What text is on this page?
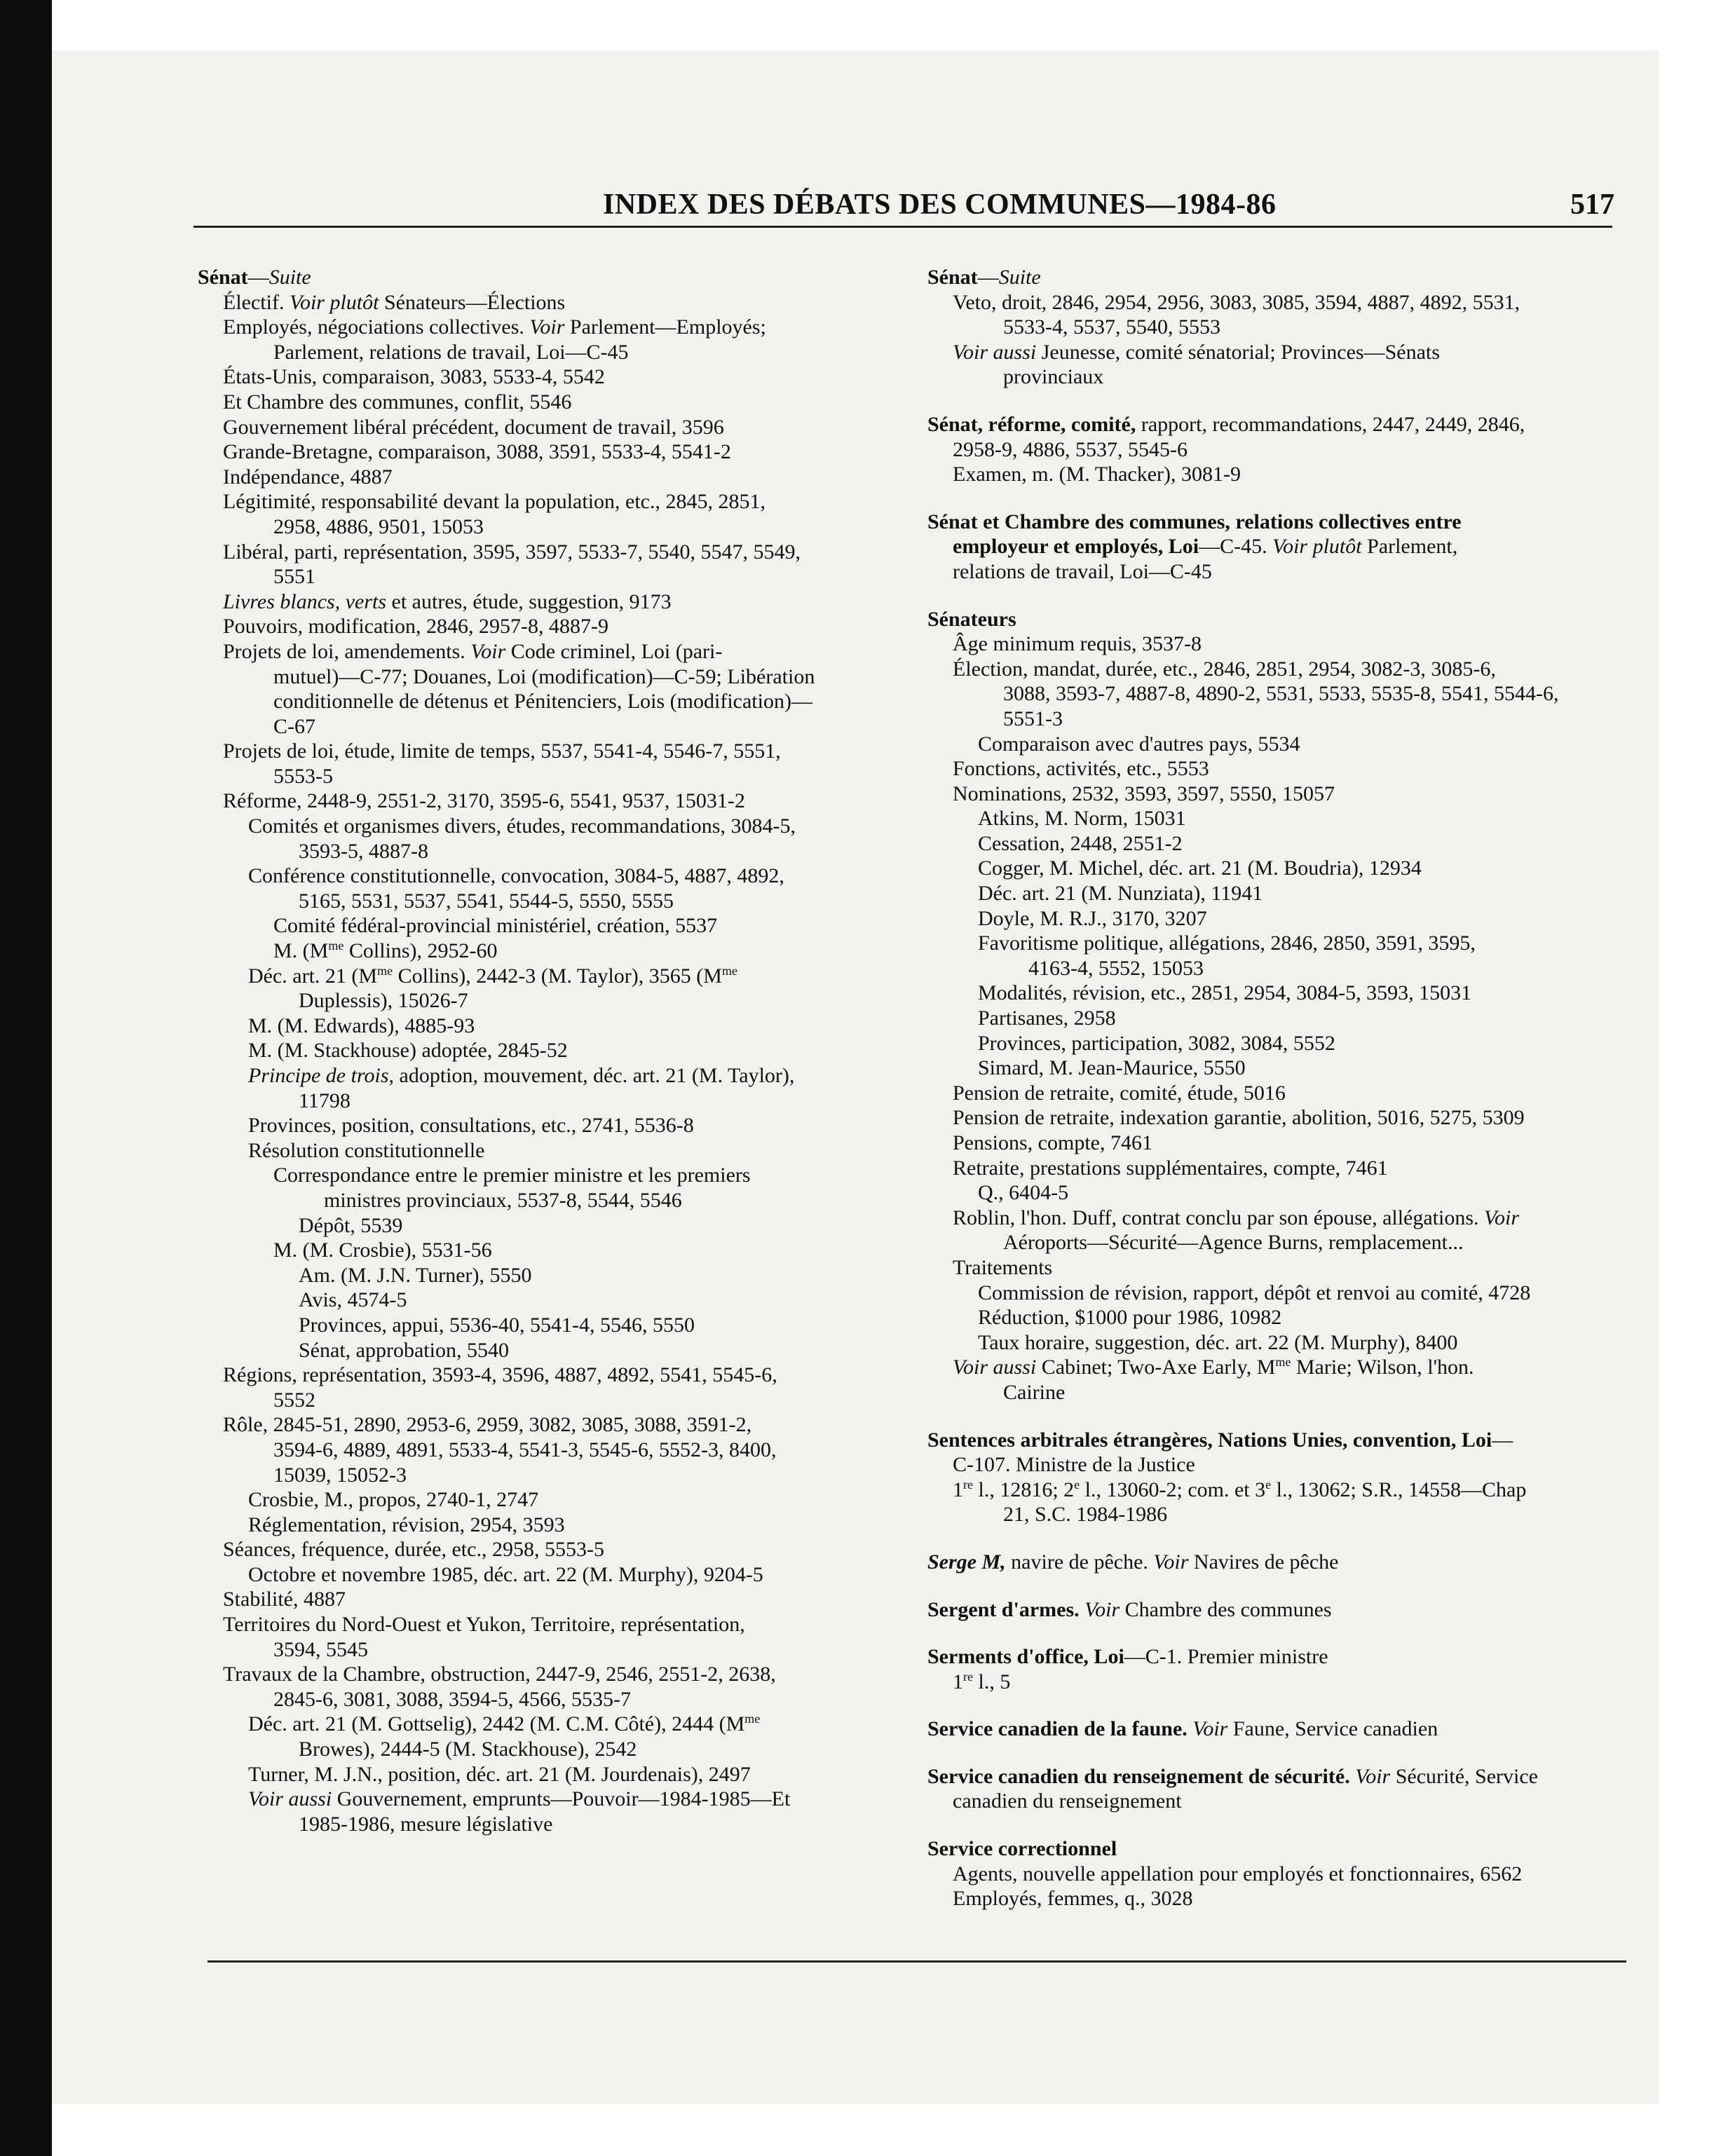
INDEX DES DÉBATS DES COMMUNES—1984-86	517
Sénat—Suite
Électif. Voir plutôt Sénateurs—Élections
Employés, négociations collectives. Voir Parlement—Employés;
Parlement, relations de travail, Loi—C-45
États-Unis, comparaison, 3083, 5533-4, 5542
Et Chambre des communes, conflit, 5546
Gouvernement libéral précédent, document de travail, 3596
Grande-Bretagne, comparaison, 3088, 3591, 5533-4, 5541-2
Indépendance, 4887
Légitimité, responsabilité devant la population, etc., 2845, 2851,
2958, 4886, 9501, 15053
Libéral, parti, représentation, 3595, 3597, 5533-7, 5540, 5547, 5549,
5551
Livres blancs, verts et autres, étude, suggestion, 9173
Pouvoirs, modification, 2846, 2957-8, 4887-9
Projets de loi, amendements. Voir Code criminel, Loi (pari-
mutuel)—C-77; Douanes, Loi (modification)—C-59; Libération
conditionnelle de détenus et Pénitenciers, Lois (modification)—
C-67
Projets de loi, étude, limite de temps, 5537, 5541-4, 5546-7, 5551,
5553-5
Réforme, 2448-9, 2551-2, 3170, 3595-6, 5541, 9537, 15031-2
Comités et organismes divers, études, recommandations, 3084-5,
3593-5, 4887-8
Conférence constitutionnelle, convocation, 3084-5, 4887, 4892,
5165, 5531, 5537, 5541, 5544-5, 5550, 5555
Comité fédéral-provincial ministériel, création, 5537
M. ($M^{me}$ Collins), 2952-60
Déc. art. 21 ($M^{me}$ Collins), 2442-3 (M. Taylor), 3565 ($M^{me}$
Duplessis), 15026-7
M. (M. Edwards), 4885-93
M. (M. Stackhouse) adoptée, 2845-52
Principe de trois, adoption, mouvement, déc. art. 21 (M. Taylor),
11798
Provinces, position, consultations, etc., 2741, 5536-8
Résolution constitutionnelle
Correspondance entre le premier ministre et les premiers
ministres provinciaux, 5537-8, 5544, 5546
Dépôt, 5539
M. (M. Crosbie), 5531-56
Am. (M. J.N. Turner), 5550
Avis, 4574-5
Provinces, appui, 5536-40, 5541-4, 5546, 5550
Sénat, approbation, 5540
Régions, représentation, 3593-4, 3596, 4887, 4892, 5541, 5545-6,
5552
Rôle, 2845-51, 2890, 2953-6, 2959, 3082, 3085, 3088, 3591-2,
3594-6, 4889, 4891, 5533-4, 5541-3, 5545-6, 5552-3, 8400,
15039, 15052-3
Crosbie, M., propos, 2740-1, 2747
Réglementation, révision, 2954, 3593
Séances, fréquence, durée, etc., 2958, 5553-5
Octobre et novembre 1985, déc. art. 22 (M. Murphy), 9204-5
Stabilité, 4887
Territoires du Nord-Ouest et Yukon, Territoire, représentation,
3594, 5545
Travaux de la Chambre, obstruction, 2447-9, 2546, 2551-2, 2638,
2845-6, 3081, 3088, 3594-5, 4566, 5535-7
Déc. art. 21 (M. Gottselig), 2442 (M. C.M. Côté), 2444 ($M^{me}$
Browes), 2444-5 (M. Stackhouse), 2542
Turner, M. J.N., position, déc. art. 21 (M. Jourdenais), 2497
Voir aussi Gouvernement, emprunts—Pouvoir—1984-1985—Et
1985-1986, mesure législative
Sénat—Suite
Veto, droit, 2846, 2954, 2956, 3083, 3085, 3594, 4887, 4892, 5531,
5533-4, 5537, 5540, 5553
Voir aussi Jeunesse, comité sénatorial; Provinces—Sénats
provinciaux
Sénat, réforme, comité, rapport, recommandations, 2447, 2449, 2846,
2958-9, 4886, 5537, 5545-6
Examen, m. (M. Thacker), 3081-9
Sénat et Chambre des communes, relations collectives entre
employeur et employés, Loi—C-45. Voir plutôt Parlement,
relations de travail, Loi—C-45
Sénateurs
Âge minimum requis, 3537-8
Élection, mandat, durée, etc., 2846, 2851, 2954, 3082-3, 3085-6,
3088, 3593-7, 4887-8, 4890-2, 5531, 5533, 5535-8, 5541, 5544-6,
5551-3
Comparaison avec d'autres pays, 5534
Fonctions, activités, etc., 5553
Nominations, 2532, 3593, 3597, 5550, 15057
Atkins, M. Norm, 15031
Cessation, 2448, 2551-2
Cogger, M. Michel, déc. art. 21 (M. Boudria), 12934
Déc. art. 21 (M. Nunziata), 11941
Doyle, M. R.J., 3170, 3207
Favoritisme politique, allégations, 2846, 2850, 3591, 3595,
4163-4, 5552, 15053
Modalités, révision, etc., 2851, 2954, 3084-5, 3593, 15031
Partisanes, 2958
Provinces, participation, 3082, 3084, 5552
Simard, M. Jean-Maurice, 5550
Pension de retraite, comité, étude, 5016
Pension de retraite, indexation garantie, abolition, 5016, 5275, 5309
Pensions, compte, 7461
Retraite, prestations supplémentaires, compte, 7461
Q., 6404-5
Roblin, l'hon. Duff, contrat conclu par son épouse, allégations. Voir
Aéroports—Sécurité—Agence Burns, remplacement...
Traitements
Commission de révision, rapport, dépôt et renvoi au comité, 4728
Réduction, $1000 pour 1986, 10982
Taux horaire, suggestion, déc. art. 22 (M. Murphy), 8400
Voir aussi Cabinet; Two-Axe Early, $M^{me}$ Marie; Wilson, l'hon.
Cairine
Sentences arbitrales étrangères, Nations Unies, convention, Loi—
C-107. Ministre de la Justice
1re l., 12816; 2e l., 13060-2; com. et 3e l., 13062; S.R., 14558—Chap
21, S.C. 1984-1986
Serge M, navire de pêche. Voir Navires de pêche
Sergent d'armes. Voir Chambre des communes
Serments d'office, Loi—C-1. Premier ministre
1re l., 5
Service canadien de la faune. Voir Faune, Service canadien
Service canadien du renseignement de sécurité. Voir Sécurité, Service
canadien du renseignement
Service correctionnel
Agents, nouvelle appellation pour employés et fonctionnaires, 6562
Employés, femmes, q., 3028
